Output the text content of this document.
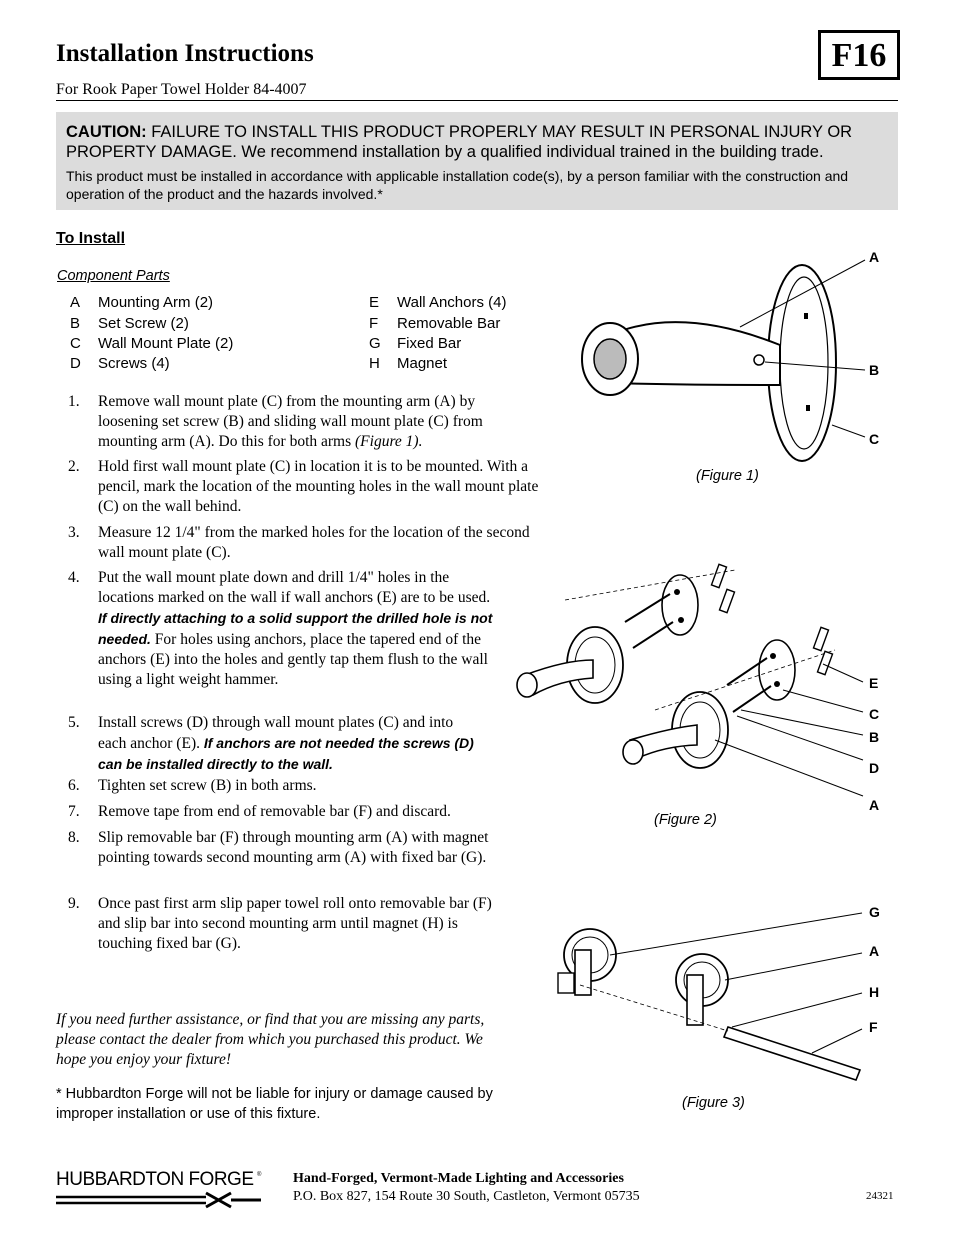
Installation Instructions
For Rook Paper Towel Holder 84-4007
F16
CAUTION: FAILURE TO INSTALL THIS PRODUCT PROPERLY MAY RESULT IN PERSONAL INJURY OR PROPERTY DAMAGE. We recommend installation by a qualified individual trained in the building trade.
This product must be installed in accordance with applicable installation code(s), by a person familiar with the construction and operation of the product and the hazards involved.*
To Install
Component Parts
A Mounting Arm (2)
B Set Screw (2)
C Wall Mount Plate (2)
D Screws (4)
E Wall Anchors (4)
F Removable Bar
G Fixed Bar
H Magnet
1. Remove wall mount plate (C) from the mounting arm (A) by loosening set screw (B) and sliding wall mount plate (C) from mounting arm (A). Do this for both arms (Figure 1).
2. Hold first wall mount plate (C) in location it is to be mounted. With a pencil, mark the location of the mounting holes in the wall mount plate (C) on the wall behind.
3. Measure 12 1/4" from the marked holes for the location of the second wall mount plate (C).
4. Put the wall mount plate down and drill 1/4" holes in the locations marked on the wall if wall anchors (E) are to be used. If directly attaching to a solid support the drilled hole is not needed. For holes using anchors, place the tapered end of the anchors (E) into the holes and gently tap them flush to the wall using a light weight hammer.
5. Install screws (D) through wall mount plates (C) and into each anchor (E). If anchors are not needed the screws (D) can be installed directly to the wall.
6. Tighten set screw (B) in both arms.
7. Remove tape from end of removable bar (F) and discard.
8. Slip removable bar (F) through mounting arm (A) with magnet pointing towards second mounting arm (A) with fixed bar (G).
9. Once past first arm slip paper towel roll onto removable bar (F) and slip bar into second mounting arm until magnet (H) is touching fixed bar (G).
If you need further assistance, or find that you are missing any parts, please contact the dealer from which you purchased this product. We hope you enjoy your fixture!
* Hubbardton Forge will not be liable for injury or damage caused by improper installation or use of this fixture.
A
B
C
(Figure 1)
E
C
B
D
A
(Figure 2)
G
A
H
F
(Figure 3)
HUBBARDTON FORGE ® Hand-Forged, Vermont-Made Lighting and Accessories
P.O. Box 827, 154 Route 30 South, Castleton, Vermont 05735	24321
